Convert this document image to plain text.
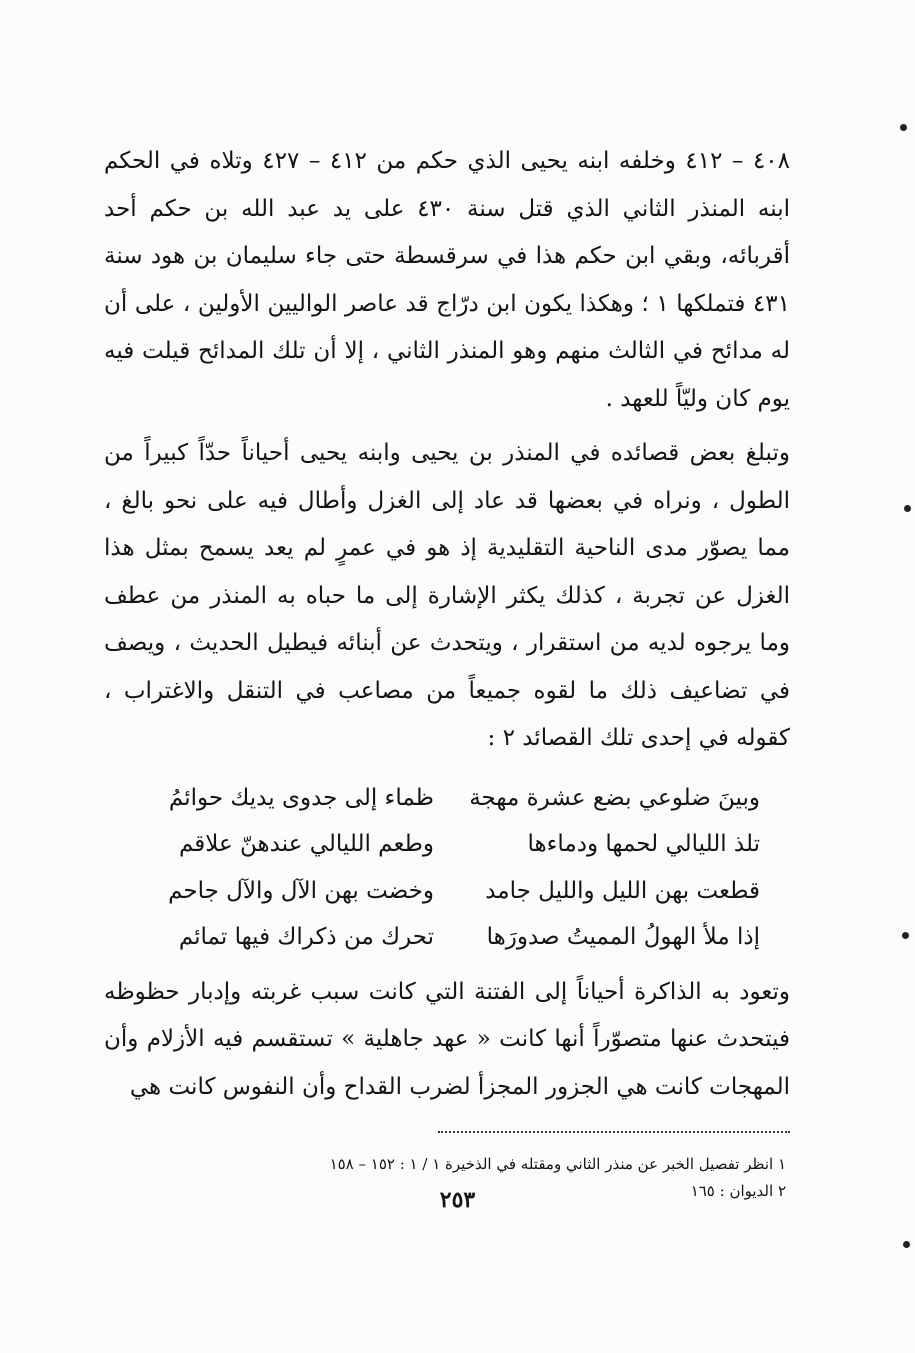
٤٠٨ – ٤١٢ وخلفه ابنه يحيى الذي حكم من ٤١٢ – ٤٢٧ وتلاه في الحكم ابنه المنذر الثاني الذي قتل سنة ٤٣٠ على يد عبد الله بن حكم أحد أقربائه، وبقي ابن حكم هذا في سرقسطة حتى جاء سليمان بن هود سنة ٤٣١ فتملكها ١ ؛ وهكذا يكون ابن درّاج قد عاصر الواليين الأولين ، على أن له مدائح في الثالث منهم وهو المنذر الثاني ، إلا أن تلك المدائح قيلت فيه يوم كان وليّاً للعهد .

وتبلغ بعض قصائده في المنذر بن يحيى وابنه يحيى أحياناً حدّاً كبيراً من الطول ، ونراه في بعضها قد عاد إلى الغزل وأطال فيه على نحو بالغ ، مما يصوّر مدى الناحية التقليدية إذ هو في عمرٍ لم يعد يسمح بمثل هذا الغزل عن تجربة ، كذلك يكثر الإشارة إلى ما حباه به المنذر من عطف وما يرجوه لديه من استقرار ، ويتحدث عن أبنائه فيطيل الحديث ، ويصف في تضاعيف ذلك ما لقوه جميعاً من مصاعب في التنقل والاغتراب ، كقوله في إحدى تلك القصائد ٢ :

وبينَ ضلوعي بضع عشرة مهجة
ظماء إلى جدوى يديك حوائمُ
تلذ الليالي لحمها ودماءها
وطعم الليالي عندهنّ علاقم
قطعت بهن الليل والليل جامد
وخضت بهن الآل والآل جاحم
إذا ملأ الهولُ المميتُ صدورَها
تحرك من ذكراك فيها تمائم

وتعود به الذاكرة أحياناً إلى الفتنة التي كانت سبب غربته وإدبار حظوظه فيتحدث عنها متصوّراً أنها كانت « عهد جاهلية » تستقسم فيه الأزلام وأن المهجات كانت هي الجزور المجزأ لضرب القداح وأن النفوس كانت هي

١ انظر تفصيل الخبر عن منذر الثاني ومقتله في الذخيرة ١ / ١ : ١٥٢ – ١٥٨
٢ الديوان : ١٦٥
٢٥٣
